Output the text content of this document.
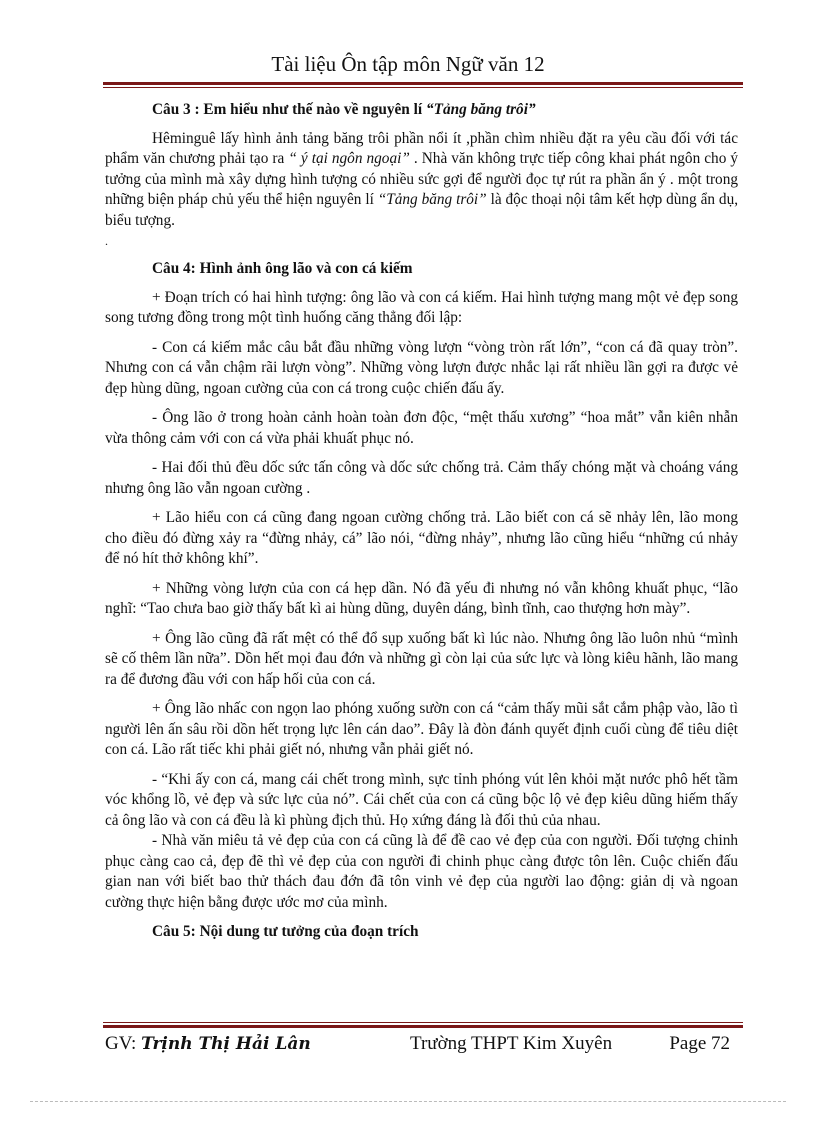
Tài liệu Ôn tập môn Ngữ văn 12
Câu 3 : Em hiểu như thế nào về nguyên lí “Tảng băng trôi”

Hêminguê lấy hình ảnh tảng băng trôi phần nổi ít ,phần chìm nhiều đặt ra yêu cầu đối với tác phẩm văn chương phải tạo ra “ ý tại ngôn ngoại” . Nhà văn không trực tiếp công khai phát ngôn cho ý tưởng của mình mà xây dựng hình tượng có nhiều sức gợi để người đọc tự rút ra phần ẩn ý . một trong những biện pháp chủ yếu thể hiện nguyên lí “Tảng băng trôi” là độc thoại nội tâm kết hợp dùng ẩn dụ, biểu tượng.

.
Câu 4: Hình ảnh ông lão và con cá kiếm

+ Đoạn trích có hai hình tượng: ông lão và con cá kiếm. Hai hình tượng mang một vẻ đẹp song song tương đồng trong một tình huống căng thẳng đối lập:

- Con cá kiếm mắc câu bắt đầu những vòng lượn “vòng tròn rất lớn”, “con cá đã quay tròn”. Nhưng con cá vẫn chậm rãi lượn vòng”. Những vòng lượn được nhắc lại rất nhiều lần gợi ra được vẻ đẹp hùng dũng, ngoan cường của con cá trong cuộc chiến đấu ấy.

- Ông lão ở trong hoàn cảnh hoàn toàn đơn độc, “mệt thấu xương” “hoa mắt” vẫn kiên nhẫn vừa thông cảm với con cá vừa phải khuất phục nó.

- Hai đối thủ đều dốc sức tấn công và dốc sức chống trả. Cảm thấy chóng mặt và choáng váng nhưng ông lão vẫn ngoan cường .

+ Lão hiểu con cá cũng đang ngoan cường chống trả. Lão biết con cá sẽ nhảy lên, lão mong cho điều đó đừng xảy ra “đừng nhảy, cá” lão nói, “đừng nhảy”, nhưng lão cũng hiểu “những cú nhảy để nó hít thở không khí”.

+ Những vòng lượn của con cá hẹp dần. Nó đã yếu đi nhưng nó vẫn không khuất phục, “lão nghĩ: “Tao chưa bao giờ thấy bất kì ai hùng dũng, duyên dáng, bình tĩnh, cao thượng hơn mày”.

+ Ông lão cũng đã rất mệt có thể đổ sụp xuống bất kì lúc nào. Nhưng ông lão luôn nhủ “mình sẽ cố thêm lần nữa”. Dồn hết mọi đau đớn và những gì còn lại của sức lực và lòng kiêu hãnh, lão mang ra để đương đầu với con hấp hối của con cá.

+ Ông lão nhấc con ngọn lao phóng xuống sườn con cá “cảm thấy mũi sắt cắm phập vào, lão tì người lên ấn sâu rồi dồn hết trọng lực lên cán dao”. Đây là đòn đánh quyết định cuối cùng để tiêu diệt con cá. Lão rất tiếc khi phải giết nó, nhưng vẫn phải giết nó.

- “Khi ấy con cá, mang cái chết trong mình, sực tỉnh phóng vút lên khỏi mặt nước phô hết tầm vóc khổng lồ, vẻ đẹp và sức lực của nó”. Cái chết của con cá cũng bộc lộ vẻ đẹp kiêu dũng hiếm thấy cả ông lão và con cá đều là kì phùng địch thủ. Họ xứng đáng là đối thủ của nhau.

- Nhà văn miêu tả vẻ đẹp của con cá cũng là để đề cao vẻ đẹp của con người. Đối tượng chinh phục càng cao cả, đẹp đẽ thì vẻ đẹp của con người đi chinh phục càng được tôn lên. Cuộc chiến đấu gian nan với biết bao thử thách đau đớn đã tôn vinh vẻ đẹp của người lao động: giản dị và ngoan cường thực hiện bằng được ước mơ của mình.

Câu 5: Nội dung tư tưởng của đoạn trích
GV: Trịnh Thị Hải Lân	Trường THPT Kim Xuyên	Page 72
